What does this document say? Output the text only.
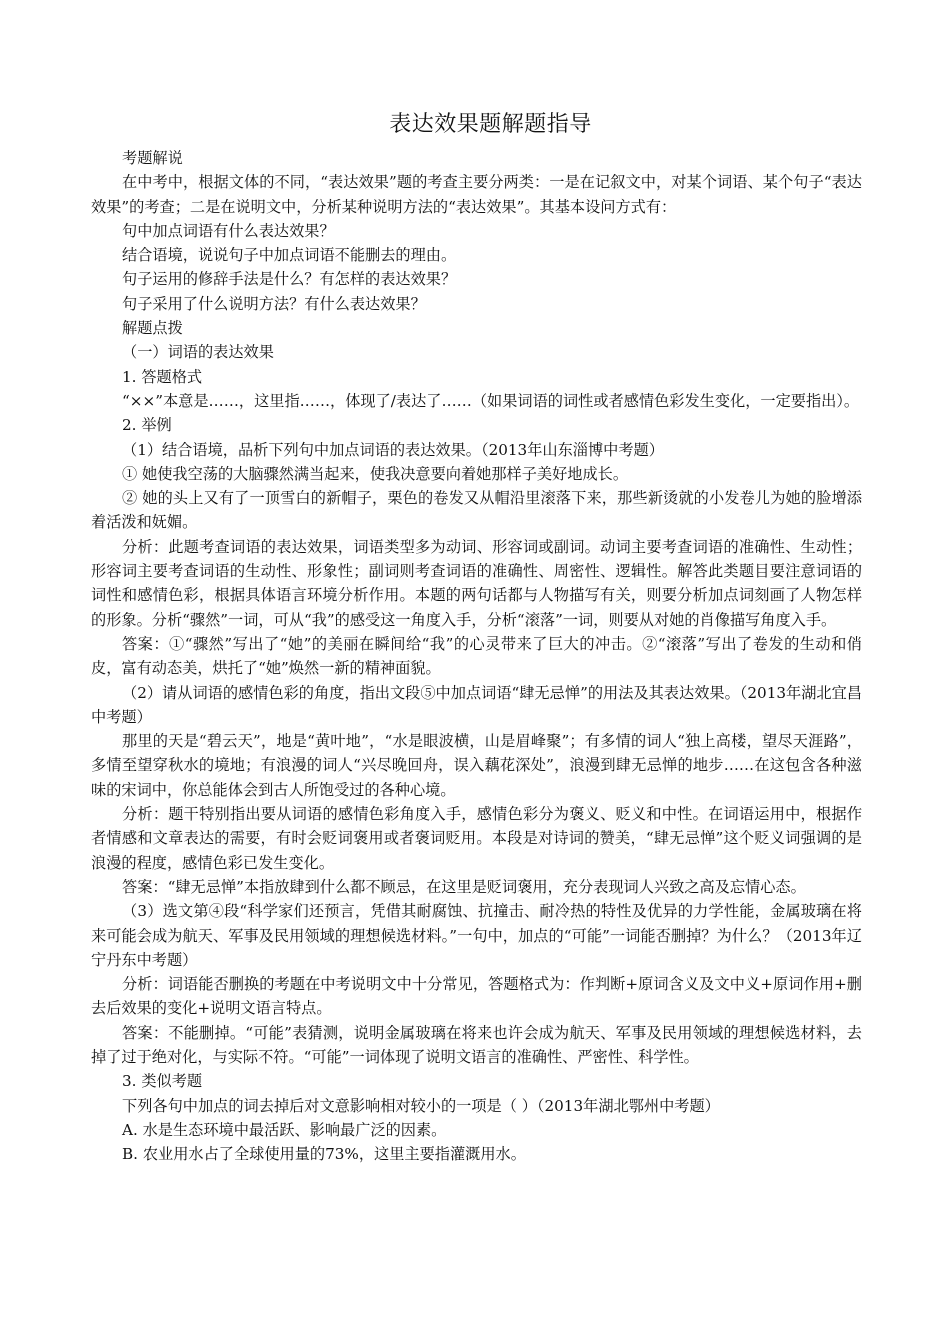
表达效果题解题指导

考题解说

在中考中，根据文体的不同，“表达效果”题的考查主要分两类：一是在记叙文中，对某个词语、某个句子“表达效果”的考查；二是在说明文中，分析某种说明方法的“表达效果”。其基本设问方式有：

句中加点词语有什么表达效果？

结合语境，说说句子中加点词语不能删去的理由。

句子运用的修辞手法是什么？有怎样的表达效果？

句子采用了什么说明方法？有什么表达效果？

解题点拨

（一）词语的表达效果

1. 答题格式

“××”本意是……，这里指……，体现了/表达了……（如果词语的词性或者感情色彩发生变化，一定要指出）。

2. 举例

（1）结合语境，品析下列句中加点词语的表达效果。（2013年山东淄博中考题）

① 她使我空荡的大脑骤然满当起来，使我决意要向着她那样子美好地成长。

② 她的头上又有了一顶雪白的新帽子，栗色的卷发又从帽沿里滚落下来，那些新烫就的小发卷儿为她的脸增添着活泼和妩媚。

分析：此题考查词语的表达效果，词语类型多为动词、形容词或副词。动词主要考查词语的准确性、生动性；形容词主要考查词语的生动性、形象性；副词则考查词语的准确性、周密性、逻辑性。解答此类题目要注意词语的词性和感情色彩，根据具体语言环境分析作用。本题的两句话都与人物描写有关，则要分析加点词刻画了人物怎样的形象。分析“骤然”一词，可从“我”的感受这一角度入手，分析“滚落”一词，则要从对她的肖像描写角度入手。

答案：①“骤然”写出了“她”的美丽在瞬间给“我”的心灵带来了巨大的冲击。②“滚落”写出了卷发的生动和俏皮，富有动态美，烘托了“她”焕然一新的精神面貌。

（2）请从词语的感情色彩的角度，指出文段⑤中加点词语“肆无忌惮”的用法及其表达效果。（2013年湖北宜昌中考题）

那里的天是“碧云天”，地是“黄叶地”，“水是眼波横，山是眉峰聚”；有多情的词人“独上高楼，望尽天涯路”，多情至望穿秋水的境地；有浪漫的词人“兴尽晚回舟，误入藕花深处”，浪漫到肆无忌惮的地步……在这包含各种滋味的宋词中，你总能体会到古人所饱受过的各种心境。

分析：题干特别指出要从词语的感情色彩角度入手，感情色彩分为褒义、贬义和中性。在词语运用中，根据作者情感和文章表达的需要，有时会贬词褒用或者褒词贬用。本段是对诗词的赞美，“肆无忌惮”这个贬义词强调的是浪漫的程度，感情色彩已发生变化。

答案：“肆无忌惮”本指放肆到什么都不顾忌，在这里是贬词褒用，充分表现词人兴致之高及忘情心态。

（3）选文第④段“科学家们还预言，凭借其耐腐蚀、抗撞击、耐冷热的特性及优异的力学性能，金属玻璃在将来可能会成为航天、军事及民用领域的理想候选材料。”一句中，加点的“可能”一词能否删掉？为什么？（2013年辽宁丹东中考题）

分析：词语能否删换的考题在中考说明文中十分常见，答题格式为：作判断+原词含义及文中义+原词作用+删去后效果的变化+说明文语言特点。

答案：不能删掉。“可能”表猜测，说明金属玻璃在将来也许会成为航天、军事及民用领域的理想候选材料，去掉了过于绝对化，与实际不符。“可能”一词体现了说明文语言的准确性、严密性、科学性。

3. 类似考题

下列各句中加点的词去掉后对文意影响相对较小的一项是（ ）（2013年湖北鄂州中考题）

A. 水是生态环境中最活跃、影响最广泛的因素。

B. 农业用水占了全球使用量的73%，这里主要指灌溉用水。
